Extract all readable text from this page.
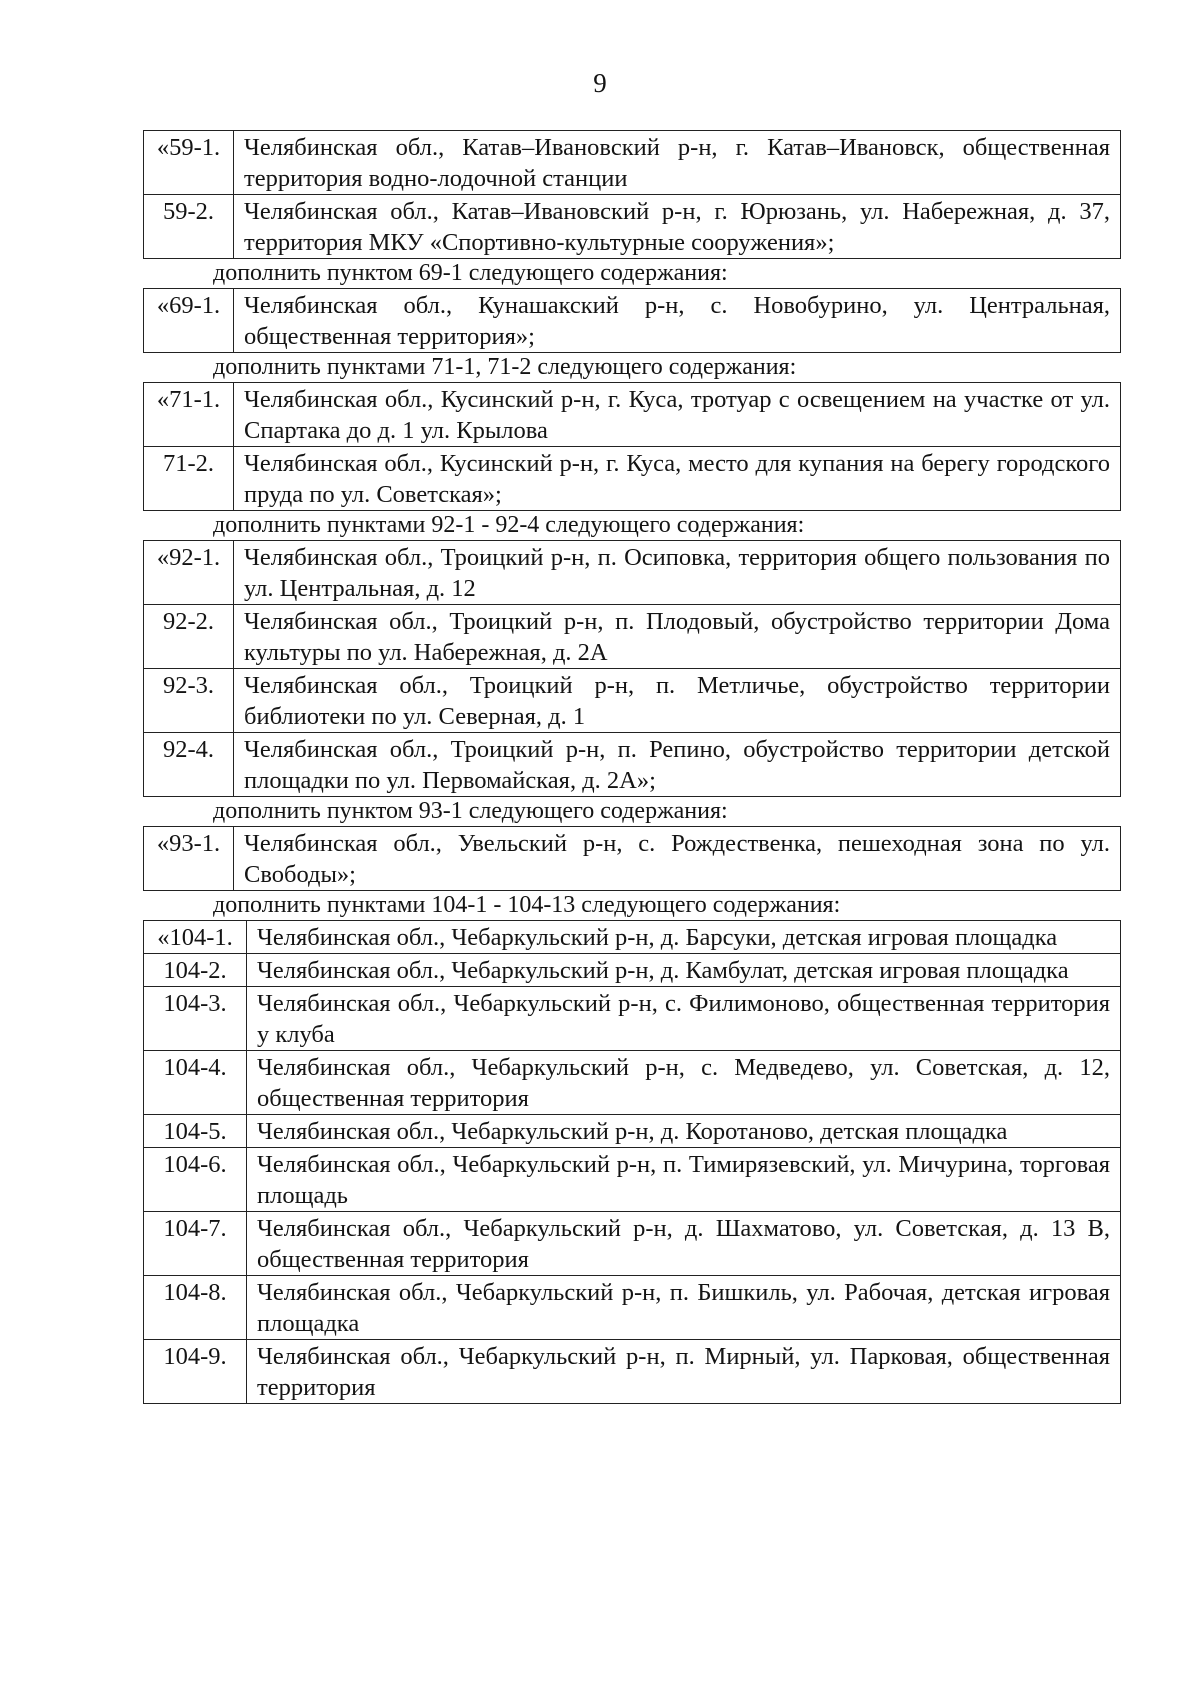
9
«59-1.	Челябинская обл., Катав–Ивановский р-н, г. Катав–Ивановск, общественная территория водно-лодочной станции
59-2.	Челябинская обл., Катав–Ивановский р-н, г. Юрюзань, ул. Набережная, д. 37, территория МКУ «Спортивно-культурные сооружения»;

дополнить пунктом 69-1 следующего содержания:

«69-1.	Челябинская обл., Кунашакский р-н, с. Новобурино, ул. Центральная, общественная территория»;

дополнить пунктами 71-1, 71-2 следующего содержания:

«71-1.	Челябинская обл., Кусинский р-н, г. Куса, тротуар с освещением на участке от ул. Спартака до д. 1 ул. Крылова
71-2.	Челябинская обл., Кусинский р-н, г. Куса, место для купания на берегу городского пруда по ул. Советская»;

дополнить пунктами 92-1 - 92-4 следующего содержания:

«92-1.	Челябинская обл., Троицкий р-н, п. Осиповка, территория общего пользования по ул. Центральная, д. 12
92-2.	Челябинская обл., Троицкий р-н, п. Плодовый, обустройство территории Дома культуры по ул. Набережная, д. 2А
92-3.	Челябинская обл., Троицкий р-н, п. Метличье, обустройство территории библиотеки по ул. Северная, д. 1
92-4.	Челябинская обл., Троицкий р-н, п. Репино, обустройство территории детской площадки по ул. Первомайская, д. 2А»;

дополнить пунктом 93-1 следующего содержания:

«93-1.	Челябинская обл., Увельский р-н, с. Рождественка, пешеходная зона по ул. Свободы»;

дополнить пунктами 104-1 - 104-13 следующего содержания:

«104-1.	Челябинская обл., Чебаркульский р-н, д. Барсуки, детская игровая площадка
104-2.	Челябинская обл., Чебаркульский р-н, д. Камбулат, детская игровая площадка
104-3.	Челябинская обл., Чебаркульский р-н, с. Филимоново, общественная территория у клуба
104-4.	Челябинская обл., Чебаркульский р-н, с. Медведево, ул. Советская, д. 12, общественная территория
104-5.	Челябинская обл., Чебаркульский р-н, д. Коротаново, детская площадка
104-6.	Челябинская обл., Чебаркульский р-н, п. Тимирязевский, ул. Мичурина, торговая площадь
104-7.	Челябинская обл., Чебаркульский р-н, д. Шахматово, ул. Советская, д. 13 В, общественная территория
104-8.	Челябинская обл., Чебаркульский р-н, п. Бишкиль, ул. Рабочая, детская игровая площадка
104-9.	Челябинская обл., Чебаркульский р-н, п. Мирный, ул. Парковая, общественная территория
